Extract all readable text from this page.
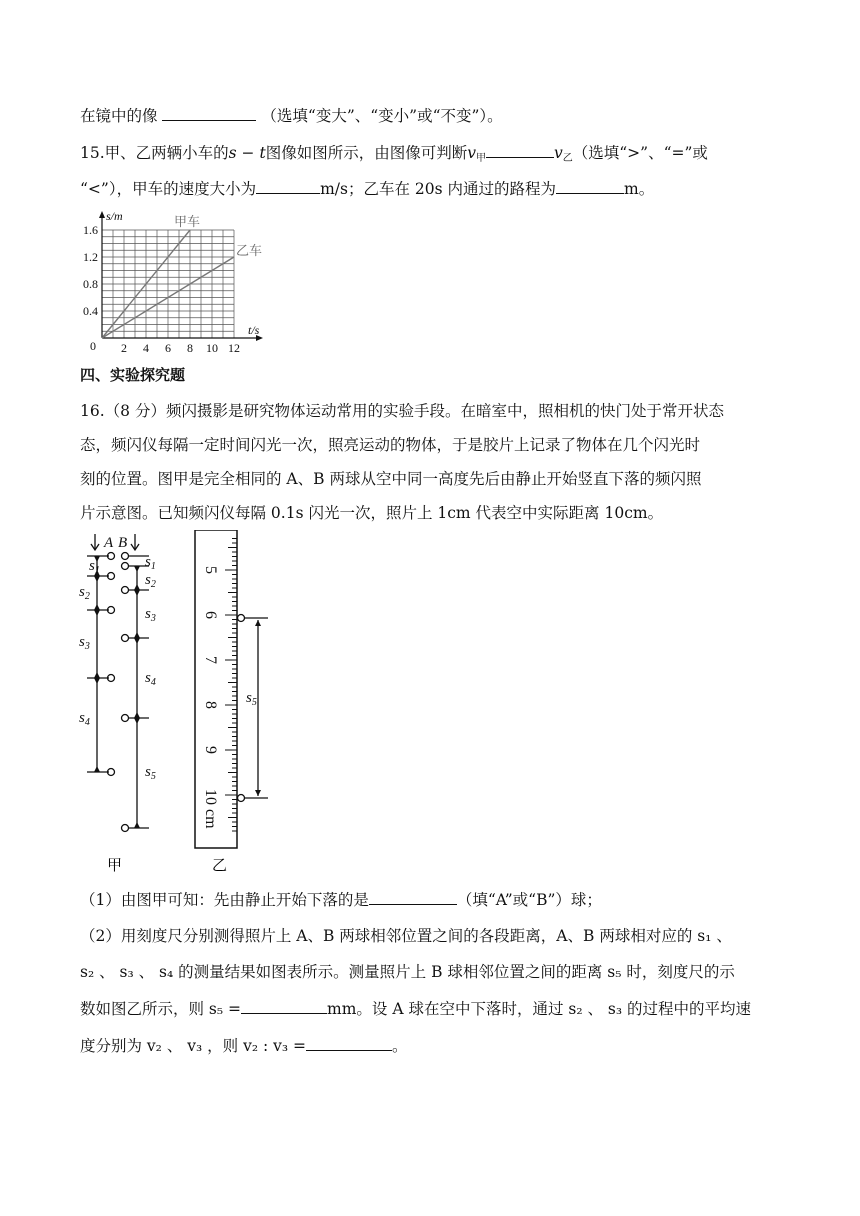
在镜中的像	（选填“变大”、“变小”或“不变”）。
15.甲、乙两辆小车的s − t图像如图所示，由图像可判断$v_甲$	$v_乙$（选填“>”、“=”或
“<”），甲车的速度大小为	m/s；乙车在 20s 内通过的路程为	m。
甲车
乙车
2 4 6 8 10 12
0.4
0.8
1.2
1.6
0
s/m
t/s
四、实验探究题
16.（8 分）频闪摄影是研究物体运动常用的实验手段。在暗室中，照相机的快门处于常开状态
态，频闪仪每隔一定时间闪光一次，照亮运动的物体，于是胶片上记录了物体在几个闪光时
刻的位置。图甲是完全相同的 A、B 两球从空中同一高度先后由静止开始竖直下落的频闪照
片示意图。已知频闪仪每隔 0.1s 闪光一次，照片上 1cm 代表空中实际距离 10cm。
A B
$s_1$
$s_2$
$s_3$
$s_4$
$s_5$
$s_1$
$s_2$
$s_3$
$s_4$
甲
5
6
7
8
9
10 cm
$s_5$
乙
（1）由图甲可知：先由静止开始下落的是	（填“A”或“B”）球；
（2）用刻度尺分别测得照片上 A、B 两球相邻位置之间的各段距离，A、B 两球相对应的 s₁ 、
s₂ 、 s₃ 、 s₄ 的测量结果如图表所示。测量照片上 B 球相邻位置之间的距离 s₅ 时，刻度尺的示
数如图乙所示，则 s₅ =	mm。设 A 球在空中下落时，通过 s₂ 、 s₃ 的过程中的平均速
度分别为 v₂ 、 v₃ ，则 v₂ : v₃ =	。
